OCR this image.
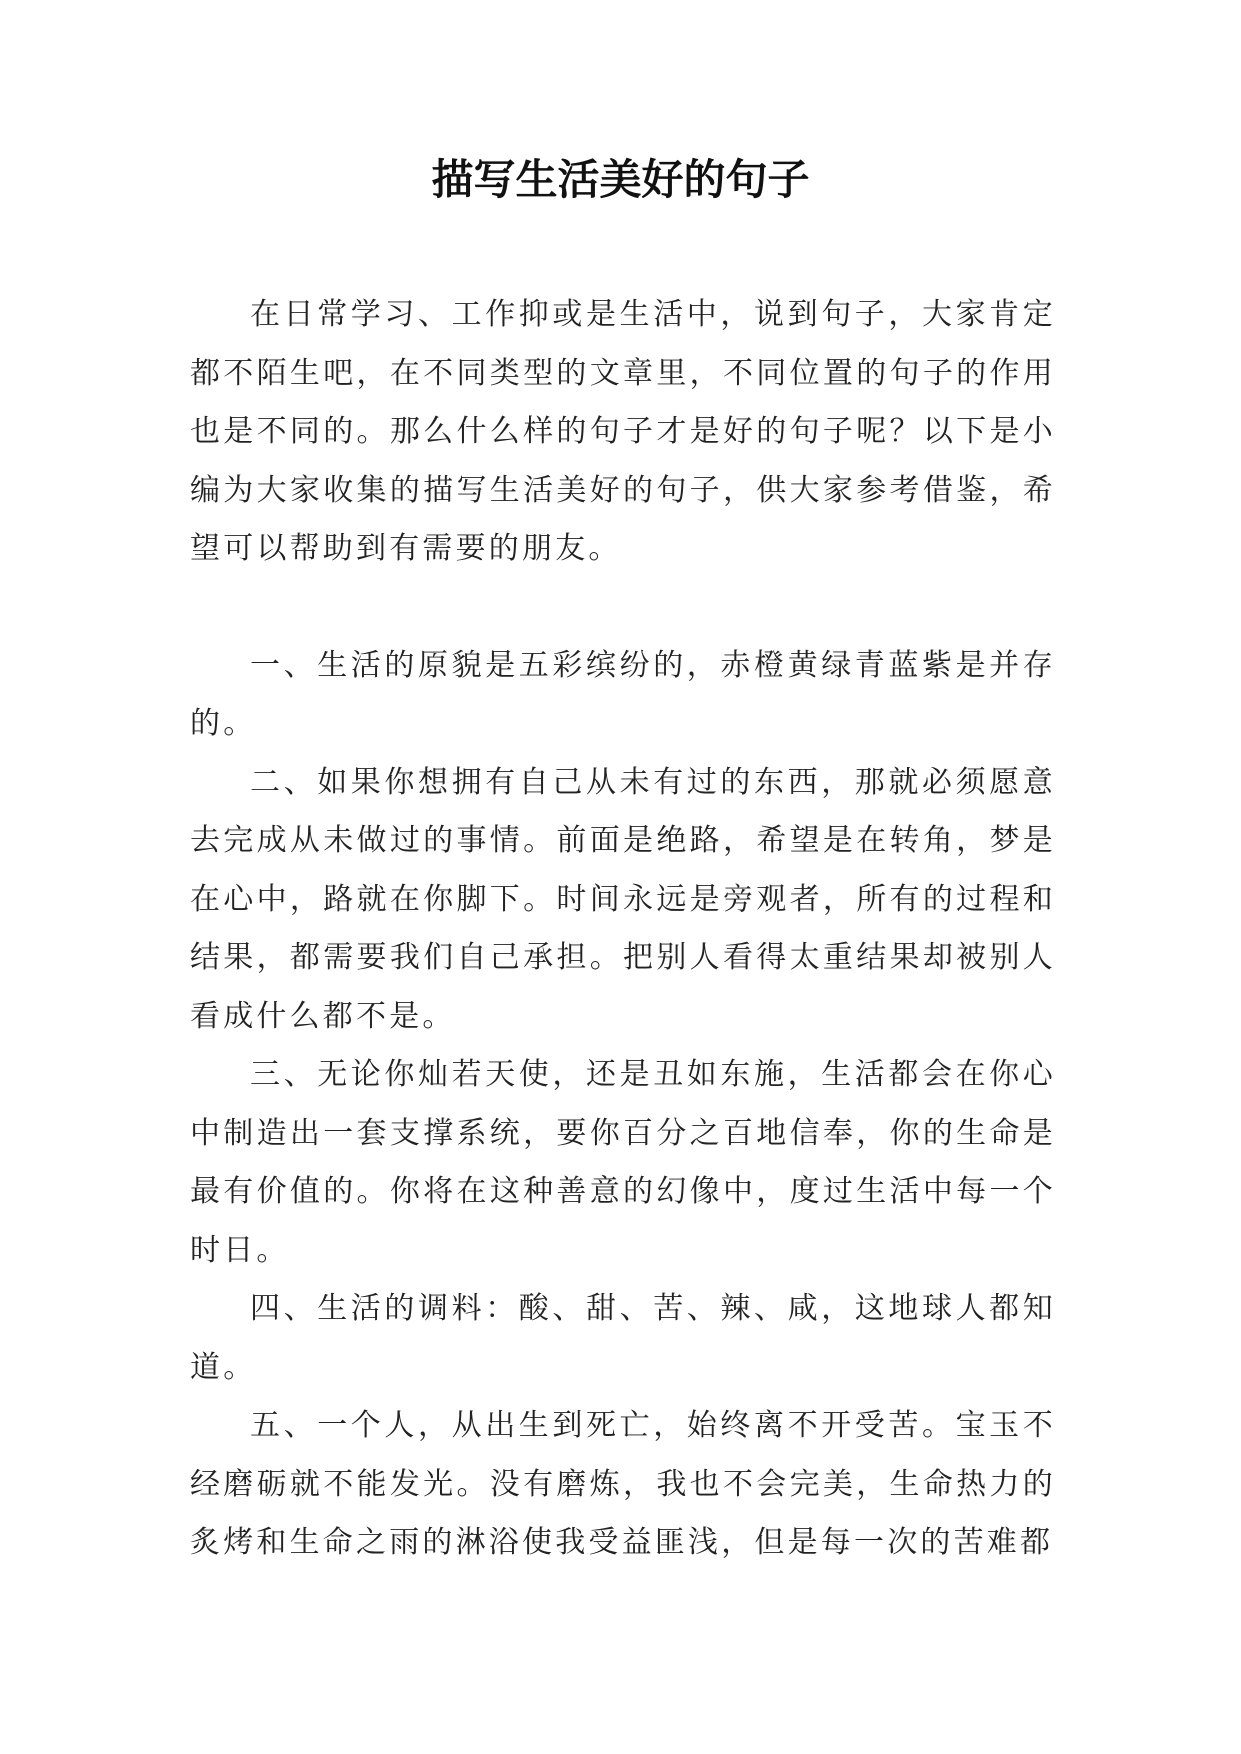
描写生活美好的句子

在日常学习、工作抑或是生活中，说到句子，大家肯定都不陌生吧，在不同类型的文章里，不同位置的句子的作用也是不同的。那么什么样的句子才是好的句子呢？以下是小编为大家收集的描写生活美好的句子，供大家参考借鉴，希望可以帮助到有需要的朋友。

一、生活的原貌是五彩缤纷的，赤橙黄绿青蓝紫是并存的。

二、如果你想拥有自己从未有过的东西，那就必须愿意去完成从未做过的事情。前面是绝路，希望是在转角，梦是在心中，路就在你脚下。时间永远是旁观者，所有的过程和结果，都需要我们自己承担。把别人看得太重结果却被别人看成什么都不是。

三、无论你灿若天使，还是丑如东施，生活都会在你心中制造出一套支撑系统，要你百分之百地信奉，你的生命是最有价值的。你将在这种善意的幻像中，度过生活中每一个时日。

四、生活的调料：酸、甜、苦、辣、咸，这地球人都知道。

五、一个人，从出生到死亡，始终离不开受苦。宝玉不经磨砺就不能发光。没有磨炼，我也不会完美，生命热力的炙烤和生命之雨的淋浴使我受益匪浅，但是每一次的苦难都
